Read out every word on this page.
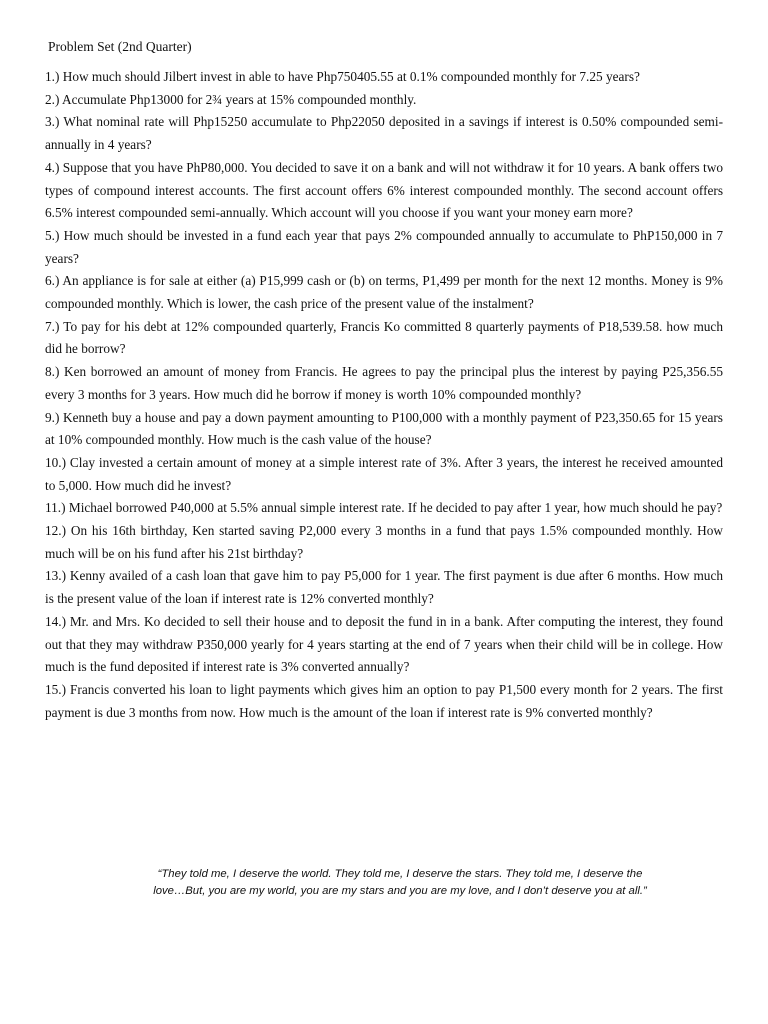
Problem Set (2nd Quarter)

1.) How much should Jilbert invest in able to have Php750405.55 at 0.1% compounded monthly for 7.25 years?

2.) Accumulate Php13000 for 2¾ years at 15% compounded monthly.

3.) What nominal rate will Php15250 accumulate to Php22050 deposited in a savings if interest is 0.50% compounded semi-annually in 4 years?

4.) Suppose that you have PhP80,000. You decided to save it on a bank and will not withdraw it for 10 years. A bank offers two types of compound interest accounts. The first account offers 6% interest compounded monthly. The second account offers 6.5% interest compounded semi-annually. Which account will you choose if you want your money earn more?

5.) How much should be invested in a fund each year that pays 2% compounded annually to accumulate to PhP150,000 in 7 years?

6.) An appliance is for sale at either (a) P15,999 cash or (b) on terms, P1,499 per month for the next 12 months. Money is 9% compounded monthly. Which is lower, the cash price of the present value of the instalment?

7.) To pay for his debt at 12% compounded quarterly, Francis Ko committed 8 quarterly payments of P18,539.58. how much did he borrow?

8.) Ken borrowed an amount of money from Francis. He agrees to pay the principal plus the interest by paying P25,356.55 every 3 months for 3 years. How much did he borrow if money is worth 10% compounded monthly?

9.) Kenneth buy a house and pay a down payment amounting to P100,000 with a monthly payment of P23,350.65 for 15 years at 10% compounded monthly. How much is the cash value of the house?

10.) Clay invested a certain amount of money at a simple interest rate of 3%. After 3 years, the interest he received amounted to 5,000. How much did he invest?

11.) Michael borrowed P40,000 at 5.5% annual simple interest rate. If he decided to pay after 1 year, how much should he pay?

12.) On his 16th birthday, Ken started saving P2,000 every 3 months in a fund that pays 1.5% compounded monthly. How much will be on his fund after his 21st birthday?

13.) Kenny availed of a cash loan that gave him to pay P5,000 for 1 year. The first payment is due after 6 months. How much is the present value of the loan if interest rate is 12% converted monthly?

14.) Mr. and Mrs. Ko decided to sell their house and to deposit the fund in in a bank. After computing the interest, they found out that they may withdraw P350,000 yearly for 4 years starting at the end of 7 years when their child will be in college. How much is the fund deposited if interest rate is 3% converted annually?

15.) Francis converted his loan to light payments which gives him an option to pay P1,500 every month for 2 years. The first payment is due 3 months from now. How much is the amount of the loan if interest rate is 9% converted monthly?

“They told me, I deserve the world. They told me, I deserve the stars. They told me, I deserve the love…But, you are my world, you are my stars and you are my love, and I don’t deserve you at all.”
